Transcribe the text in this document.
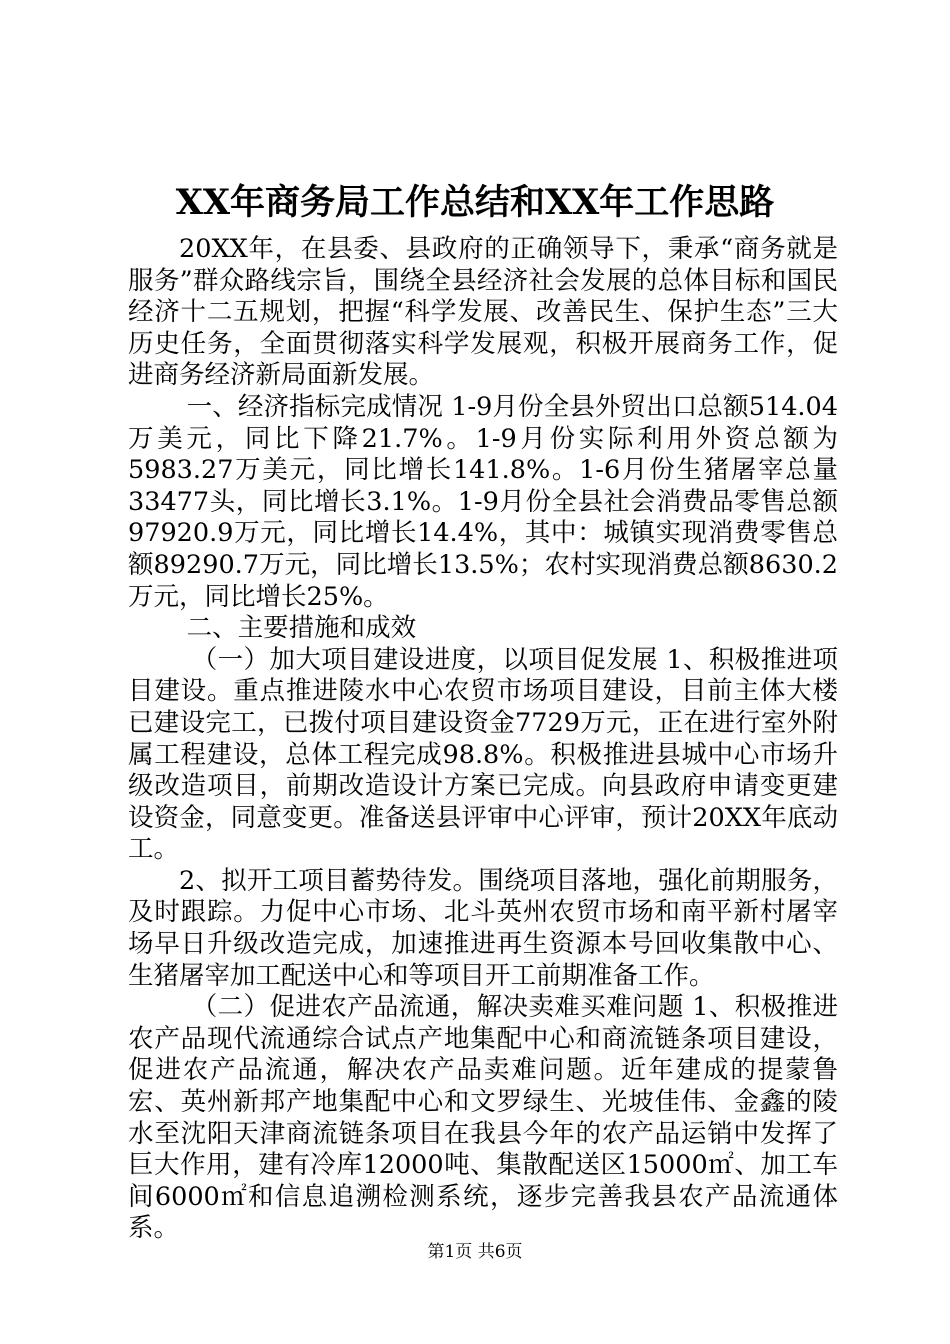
XX年商务局工作总结和XX年工作思路

20XX年，在县委、县政府的正确领导下，秉承“商务就是服务”群众路线宗旨，围绕全县经济社会发展的总体目标和国民经济十二五规划，把握“科学发展、改善民生、保护生态”三大历史任务，全面贯彻落实科学发展观，积极开展商务工作，促进商务经济新局面新发展。

一、经济指标完成情况 1-9月份全县外贸出口总额514.04万美元，同比下降21.7%。1-9月份实际利用外资总额为5983.27万美元，同比增长141.8%。1-6月份生猪屠宰总量33477头，同比增长3.1%。1-9月份全县社会消费品零售总额97920.9万元，同比增长14.4%，其中：城镇实现消费零售总额89290.7万元，同比增长13.5%；农村实现消费总额8630.2万元，同比增长25%。

二、主要措施和成效

（一）加大项目建设进度，以项目促发展 1、积极推进项目建设。重点推进陵水中心农贸市场项目建设，目前主体大楼已建设完工，已拨付项目建设资金7729万元，正在进行室外附属工程建设，总体工程完成98.8%。积极推进县城中心市场升级改造项目，前期改造设计方案已完成。向县政府申请变更建设资金，同意变更。准备送县评审中心评审，预计20XX年底动工。

2、拟开工项目蓄势待发。围绕项目落地，强化前期服务，及时跟踪。力促中心市场、北斗英州农贸市场和南平新村屠宰场早日升级改造完成，加速推进再生资源本号回收集散中心、生猪屠宰加工配送中心和等项目开工前期准备工作。

（二）促进农产品流通，解决卖难买难问题 1、积极推进农产品现代流通综合试点产地集配中心和商流链条项目建设，促进农产品流通，解决农产品卖难问题。近年建成的提蒙鲁宏、英州新邦产地集配中心和文罗绿生、光坡佳伟、金鑫的陵水至沈阳天津商流链条项目在我县今年的农产品运销中发挥了巨大作用，建有冷库12000吨、集散配送区15000㎡、加工车间6000㎡和信息追溯检测系统，逐步完善我县农产品流通体系。

第1页 共6页
